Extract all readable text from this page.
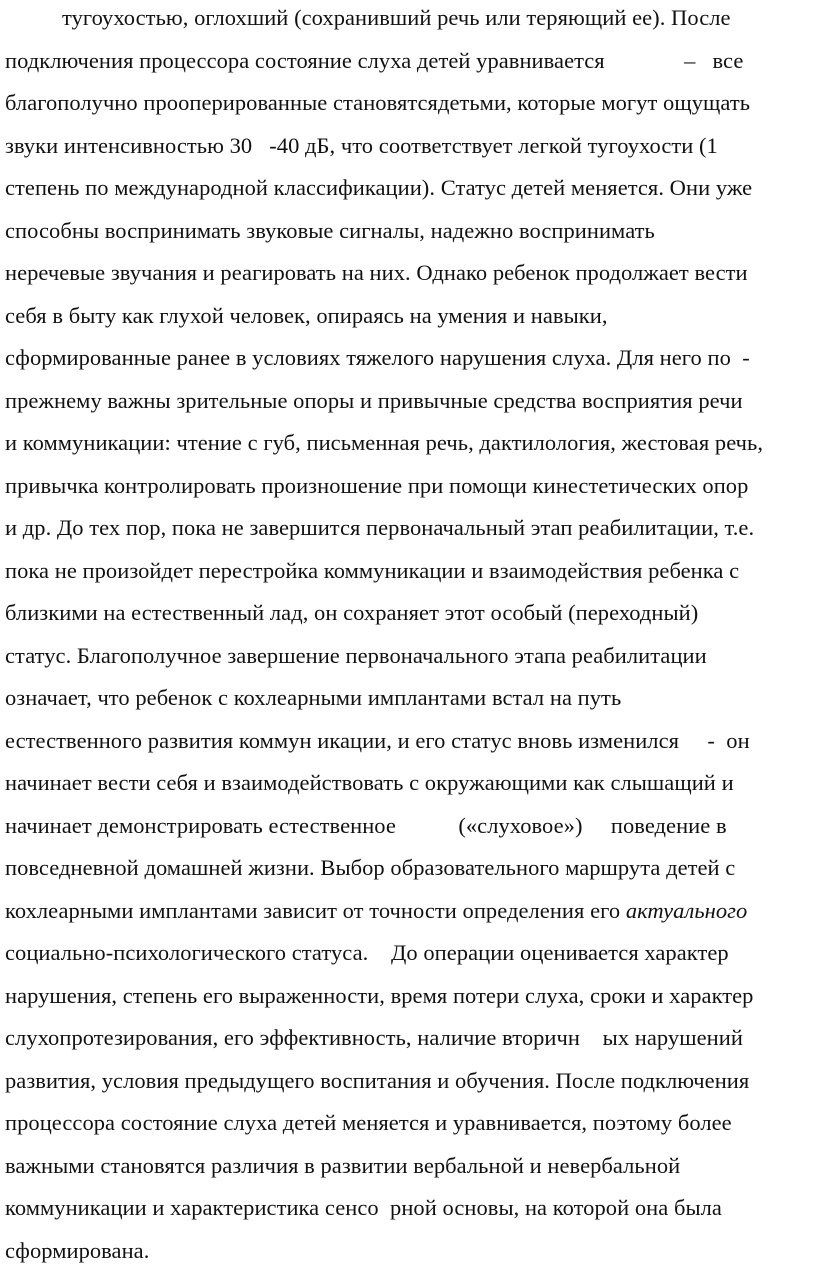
тугоухостью, оглохший (сохранивший речь или теряющий ее). После
подключения процессора состояние слуха детей уравнивается              –   все
благополучно прооперированные становятсядетьми, которые могут ощущать
звуки интенсивностью 30   -40 дБ, что соответствует легкой тугоухости (1
степень по международной классификации). Статус детей меняется. Они уже
способны воспринимать звуковые сигналы, надежно воспринимать
неречевые звучания и реагировать на них. Однако ребенок продолжает вести
себя в быту как глухой человек, опираясь на умения и навыки,
сформированные ранее в условиях тяжелого нарушения слуха. Для него по  -
прежнему важны зрительные опоры и привычные средства восприятия речи
и коммуникации: чтение с губ, письменная речь, дактилология, жестовая речь,
привычка контролировать произношение при помощи кинестетических опор
и др. До тех пор, пока не завершится первоначальный этап реабилитации, т.е.
пока не произойдет перестройка коммуникации и взаимодействия ребенка с
близкими на естественный лад, он сохраняет этот особый (переходный)
статус. Благополучное завершение первоначального этапа реабилитации
означает, что ребенок с кохлеарными имплантами встал на путь
естественного развития коммун икации, и его статус вновь изменился     -  он
начинает вести себя и взаимодействовать с окружающими как слышащий и
начинает демонстрировать естественное           («слуховое»)     поведение в
повседневной домашней жизни. Выбор образовательного маршрута детей с
кохлеарными имплантами зависит от точности определения его актуального
социально-психологического статуса.    До операции оценивается характер
нарушения, степень его выраженности, время потери слуха, сроки и характер
слухопротезирования, его эффективность, наличие вторичн    ых нарушений
развития, условия предыдущего воспитания и обучения. После подключения
процессора состояние слуха детей меняется и уравнивается, поэтому более
важными становятся различия в развитии вербальной и невербальной
коммуникации и характеристика сенсо  рной основы, на которой она была
сформирована.
